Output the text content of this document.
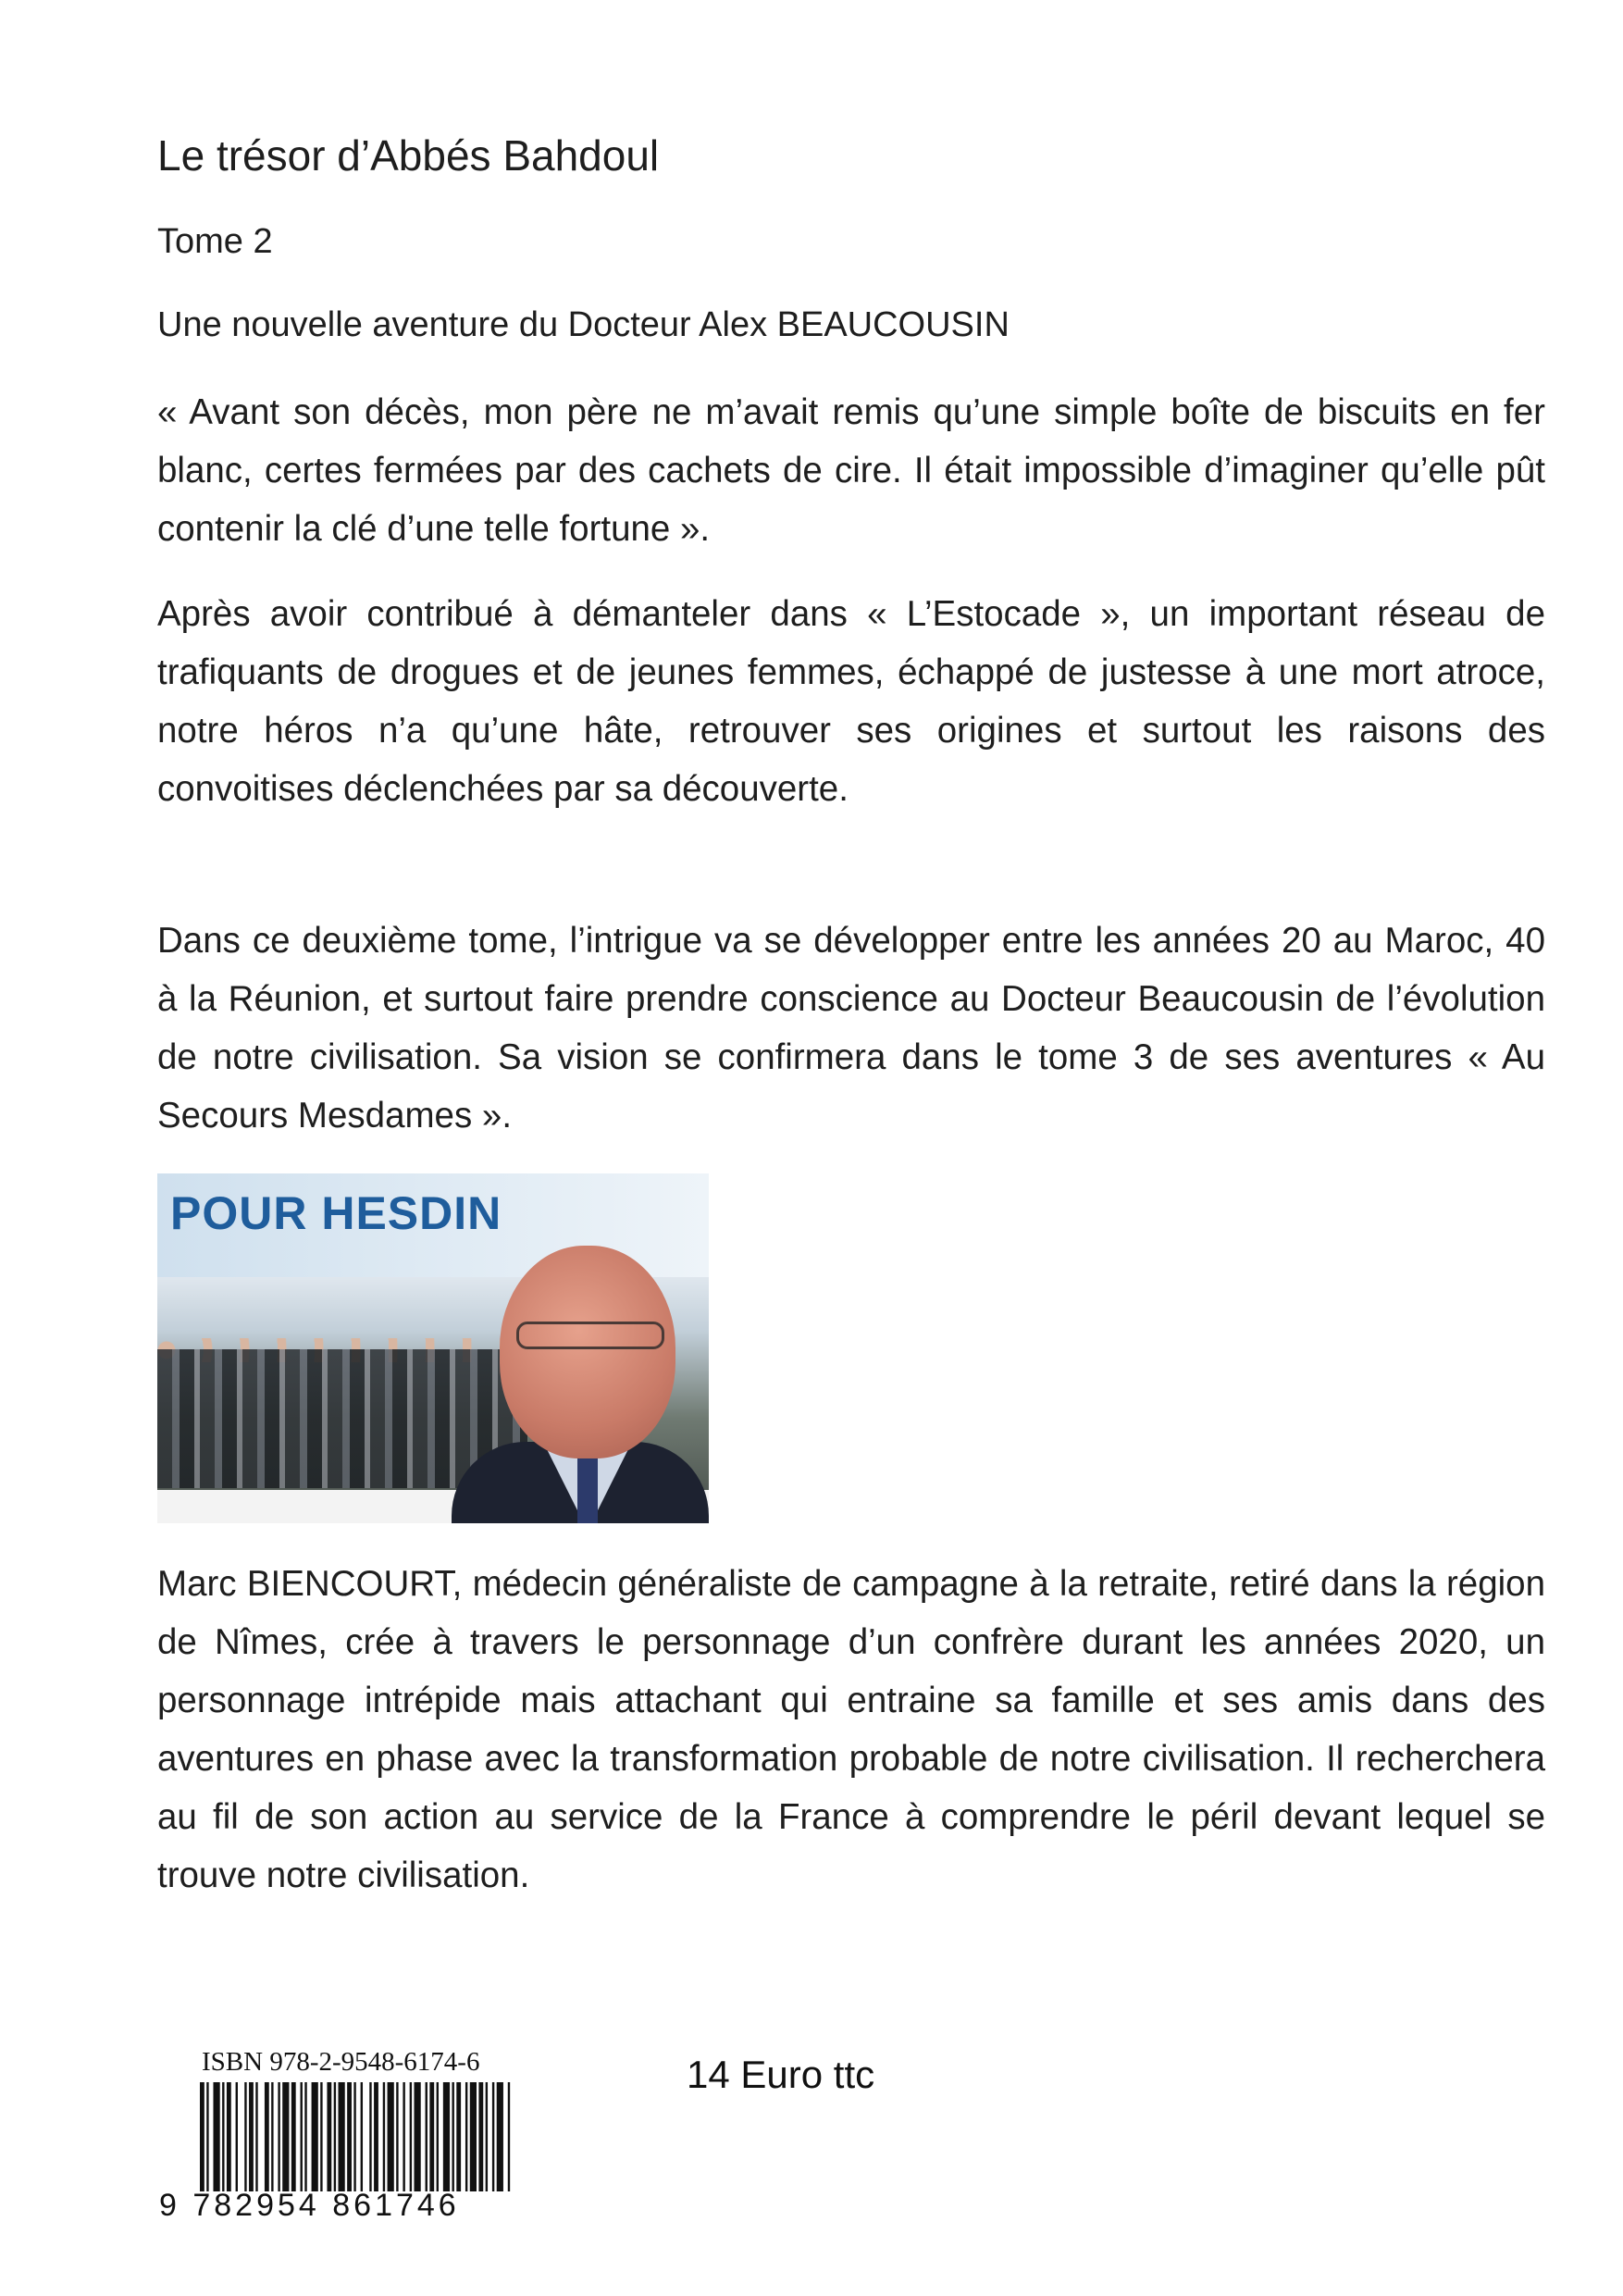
Le trésor d’Abbés Bahdoul
Tome 2
Une nouvelle aventure du Docteur Alex BEAUCOUSIN
« Avant son décès, mon père ne m’avait remis qu’une simple boîte de biscuits en fer blanc, certes fermées par des cachets de cire. Il était impossible d’imaginer qu’elle pût contenir la clé d’une telle fortune ».
Après avoir contribué à démanteler dans « L’Estocade », un important réseau de trafiquants de drogues et de jeunes femmes, échappé de justesse à une mort atroce, notre héros n’a qu’une hâte, retrouver ses origines et surtout les raisons des convoitises déclenchées par sa découverte.
Dans ce deuxième tome, l’intrigue va se développer entre les années 20 au Maroc, 40 à la Réunion, et surtout faire prendre conscience au Docteur Beaucousin de l’évolution de notre civilisation. Sa vision se confirmera dans le tome 3 de ses aventures « Au Secours Mesdames ».
POUR HESDIN
Marc BIENCOURT, médecin généraliste de campagne à la retraite, retiré dans la région de Nîmes, crée à travers le personnage d’un confrère durant les années 2020, un personnage intrépide mais attachant qui entraine sa famille et ses amis dans des aventures en phase avec la transformation probable de notre civilisation. Il recherchera au fil de son action au service de la France à comprendre le péril devant lequel se trouve notre civilisation.
ISBN 978-2-9548-6174-6
9 782954 861746
14 Euro ttc
